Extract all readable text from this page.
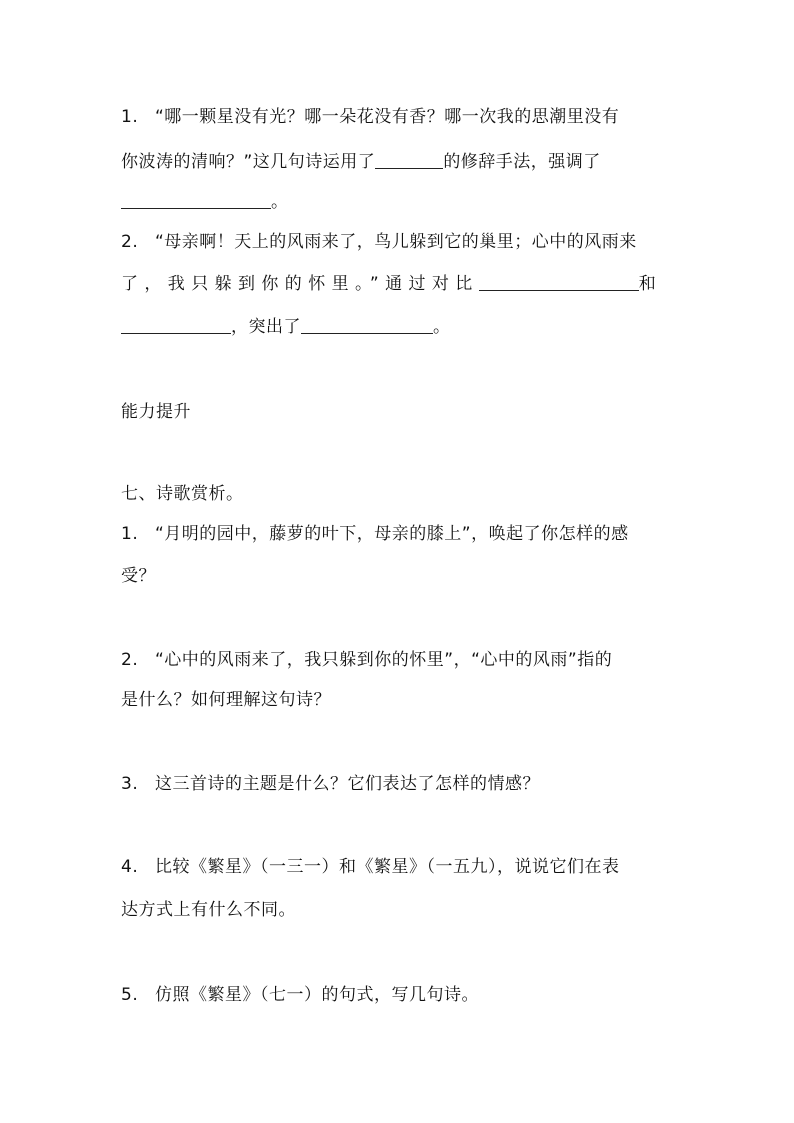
1. “哪一颗星没有光？哪一朵花没有香？哪一次我的思潮里没有
你波涛的清响？”这几句诗运用了	的修辞手法，强调了
。
2. “母亲啊！天上的风雨来了，鸟儿躲到它的巢里；心中的风雨来
了，我只躲到你的怀里。”通过对比	和
，突出了	。
能力提升
七、诗歌赏析。
1. “月明的园中，藤萝的叶下，母亲的膝上”，唤起了你怎样的感
受？
2. “心中的风雨来了，我只躲到你的怀里”，“心中的风雨”指的
是什么？如何理解这句诗？
3. 这三首诗的主题是什么？它们表达了怎样的情感？
4. 比较《繁星》（一三一）和《繁星》（一五九），说说它们在表
达方式上有什么不同。
5. 仿照《繁星》（七一）的句式，写几句诗。
